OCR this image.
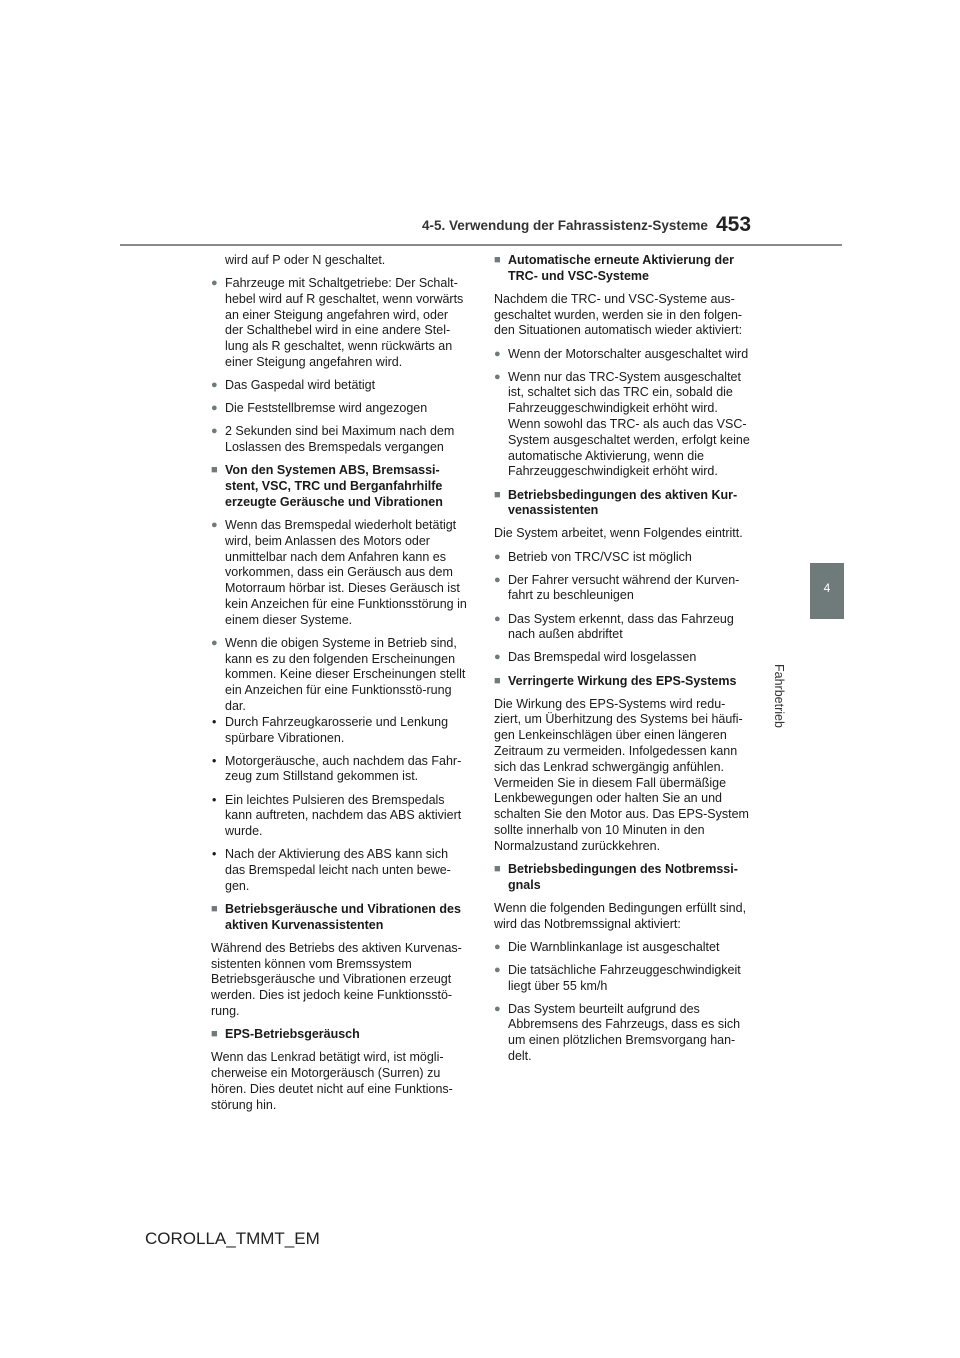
4-5. Verwendung der Fahrassistenz-Systeme 453
4
Fahrbetrieb

wird auf P oder N geschaltet.

● Fahrzeuge mit Schaltgetriebe: Der Schalt-hebel wird auf R geschaltet, wenn vorwärts an einer Steigung angefahren wird, oder der Schalthebel wird in eine andere Stel-lung als R geschaltet, wenn rückwärts an einer Steigung angefahren wird.

● Das Gaspedal wird betätigt

● Die Feststellbremse wird angezogen

● 2 Sekunden sind bei Maximum nach dem Loslassen des Bremspedals vergangen

■ Von den Systemen ABS, Bremsassi-stent, VSC, TRC und Berganfahrhilfe erzeugte Geräusche und Vibrationen

● Wenn das Bremspedal wiederholt betätigt wird, beim Anlassen des Motors oder unmittelbar nach dem Anfahren kann es vorkommen, dass ein Geräusch aus dem Motorraum hörbar ist. Dieses Geräusch ist kein Anzeichen für eine Funktionsstörung in einem dieser Systeme.

● Wenn die obigen Systeme in Betrieb sind, kann es zu den folgenden Erscheinungen kommen. Keine dieser Erscheinungen stellt ein Anzeichen für eine Funktionsstö-rung dar.

• Durch Fahrzeugkarosserie und Lenkung spürbare Vibrationen.

• Motorgeräusche, auch nachdem das Fahr-zeug zum Stillstand gekommen ist.

• Ein leichtes Pulsieren des Bremspedals kann auftreten, nachdem das ABS aktiviert wurde.

• Nach der Aktivierung des ABS kann sich das Bremspedal leicht nach unten bewe-gen.

■ Betriebsgeräusche und Vibrationen des aktiven Kurvenassistenten

Während des Betriebs des aktiven Kurvenas-sistenten können vom Bremssystem Betriebsgeräusche und Vibrationen erzeugt werden. Dies ist jedoch keine Funktionsstö-rung.

■ EPS-Betriebsgeräusch

Wenn das Lenkrad betätigt wird, ist mögli-cherweise ein Motorgeräusch (Surren) zu hören. Dies deutet nicht auf eine Funktions-störung hin.

■ Automatische erneute Aktivierung der TRC- und VSC-Systeme

Nachdem die TRC- und VSC-Systeme aus-geschaltet wurden, werden sie in den folgen-den Situationen automatisch wieder aktiviert:

● Wenn der Motorschalter ausgeschaltet wird

● Wenn nur das TRC-System ausgeschaltet ist, schaltet sich das TRC ein, sobald die Fahrzeuggeschwindigkeit erhöht wird. Wenn sowohl das TRC- als auch das VSC-System ausgeschaltet werden, erfolgt keine automatische Aktivierung, wenn die Fahrzeuggeschwindigkeit erhöht wird.

■ Betriebsbedingungen des aktiven Kur-venassistenten

Die System arbeitet, wenn Folgendes eintritt.

● Betrieb von TRC/VSC ist möglich

● Der Fahrer versucht während der Kurven-fahrt zu beschleunigen

● Das System erkennt, dass das Fahrzeug nach außen abdriftet

● Das Bremspedal wird losgelassen

■ Verringerte Wirkung des EPS-Systems

Die Wirkung des EPS-Systems wird redu-ziert, um Überhitzung des Systems bei häufi-gen Lenkeinschlägen über einen längeren Zeitraum zu vermeiden. Infolgedessen kann sich das Lenkrad schwergängig anfühlen. Vermeiden Sie in diesem Fall übermäßige Lenkbewegungen oder halten Sie an und schalten Sie den Motor aus. Das EPS-System sollte innerhalb von 10 Minuten in den Normalzustand zurückkehren.

■ Betriebsbedingungen des Notbremssi-gnals

Wenn die folgenden Bedingungen erfüllt sind, wird das Notbremssignal aktiviert:

● Die Warnblinkanlage ist ausgeschaltet

● Die tatsächliche Fahrzeuggeschwindigkeit liegt über 55 km/h

● Das System beurteilt aufgrund des Abbremsens des Fahrzeugs, dass es sich um einen plötzlichen Bremsvorgang han-delt.

COROLLA_TMMT_EM
